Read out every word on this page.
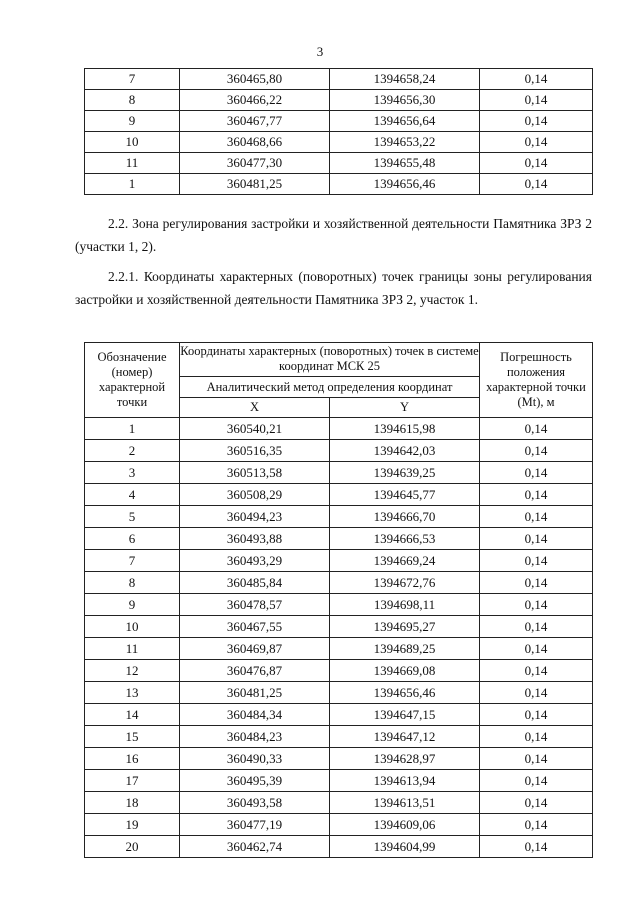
3
7	360465,80	1394658,24	0,14
8	360466,22	1394656,30	0,14
9	360467,77	1394656,64	0,14
10	360468,66	1394653,22	0,14
11	360477,30	1394655,48	0,14
1	360481,25	1394656,46	0,14

2.2. Зона регулирования застройки и хозяйственной деятельности Памятника ЗРЗ 2 (участки 1, 2).

2.2.1. Координаты характерных (поворотных) точек границы зоны регулирования застройки и хозяйственной деятельности Памятника ЗРЗ 2, участок 1.

Обозначение (номер) характерной точки	Координаты характерных (поворотных) точек в системе координат МСК 25		Погрешность положения характерной точки (Mt), м
	Аналитический метод определения координат		
	X	Y	
1	360540,21	1394615,98	0,14
2	360516,35	1394642,03	0,14
3	360513,58	1394639,25	0,14
4	360508,29	1394645,77	0,14
5	360494,23	1394666,70	0,14
6	360493,88	1394666,53	0,14
7	360493,29	1394669,24	0,14
8	360485,84	1394672,76	0,14
9	360478,57	1394698,11	0,14
10	360467,55	1394695,27	0,14
11	360469,87	1394689,25	0,14
12	360476,87	1394669,08	0,14
13	360481,25	1394656,46	0,14
14	360484,34	1394647,15	0,14
15	360484,23	1394647,12	0,14
16	360490,33	1394628,97	0,14
17	360495,39	1394613,94	0,14
18	360493,58	1394613,51	0,14
19	360477,19	1394609,06	0,14
20	360462,74	1394604,99	0,14
